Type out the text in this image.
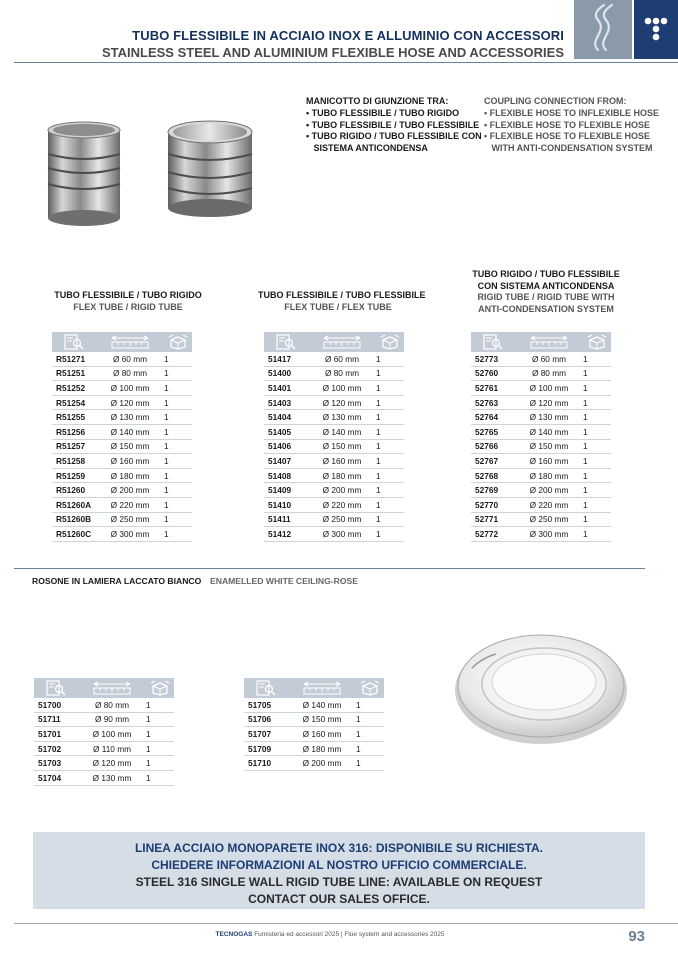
TUBO FLESSIBILE IN ACCIAIO INOX E ALLUMINIO CON ACCESSORI
STAINLESS STEEL AND ALUMINIUM FLEXIBLE HOSE AND ACCESSORIES
MANICOTTO DI GIUNZIONE TRA:
• TUBO FLESSIBILE / TUBO RIGIDO
• TUBO FLESSIBILE / TUBO FLESSIBILE
• TUBO RIGIDO / TUBO FLESSIBILE CON
SISTEMA ANTICONDENSA
COUPLING CONNECTION FROM:
• FLEXIBLE HOSE TO INFLEXIBLE HOSE
• FLEXIBLE HOSE TO FLEXIBLE HOSE
• FLEXIBLE HOSE TO FLEXIBLE HOSE
WITH ANTI-CONDENSATION SYSTEM
TUBO FLESSIBILE / TUBO RIGIDO
FLEX TUBE / RIGID TUBE
TUBO FLESSIBILE / TUBO FLESSIBILE
FLEX TUBE / FLEX TUBE
TUBO RIGIDO / TUBO FLESSIBILE
CON SISTEMA ANTICONDENSA
RIGID TUBE / RIGID TUBE WITH
ANTI-CONDENSATION SYSTEM
R51271	Ø 60 mm	1
R51251	Ø 80 mm	1
R51252	Ø 100 mm	1
R51254	Ø 120 mm	1
R51255	Ø 130 mm	1
R51256	Ø 140 mm	1
R51257	Ø 150 mm	1
R51258	Ø 160 mm	1
R51259	Ø 180 mm	1
R51260	Ø 200 mm	1
R51260A	Ø 220 mm	1
R51260B	Ø 250 mm	1
R51260C	Ø 300 mm	1
51417	Ø 60 mm	1
51400	Ø 80 mm	1
51401	Ø 100 mm	1
51403	Ø 120 mm	1
51404	Ø 130 mm	1
51405	Ø 140 mm	1
51406	Ø 150 mm	1
51407	Ø 160 mm	1
51408	Ø 180 mm	1
51409	Ø 200 mm	1
51410	Ø 220 mm	1
51411	Ø 250 mm	1
51412	Ø 300 mm	1
52773	Ø 60 mm	1
52760	Ø 80 mm	1
52761	Ø 100 mm	1
52763	Ø 120 mm	1
52764	Ø 130 mm	1
52765	Ø 140 mm	1
52766	Ø 150 mm	1
52767	Ø 160 mm	1
52768	Ø 180 mm	1
52769	Ø 200 mm	1
52770	Ø 220 mm	1
52771	Ø 250 mm	1
52772	Ø 300 mm	1
ROSONE IN LAMIERA LACCATO BIANCO ENAMELLED WHITE CEILING-ROSE
51700	Ø 80 mm	1
51711	Ø 90 mm	1
51701	Ø 100 mm	1
51702	Ø 110 mm	1
51703	Ø 120 mm	1
51704	Ø 130 mm	1
51705	Ø 140 mm	1
51706	Ø 150 mm	1
51707	Ø 160 mm	1
51709	Ø 180 mm	1
51710	Ø 200 mm	1
LINEA ACCIAIO MONOPARETE INOX 316: DISPONIBILE SU RICHIESTA.
CHIEDERE INFORMAZIONI AL NOSTRO UFFICIO COMMERCIALE.
STEEL 316 SINGLE WALL RIGID TUBE LINE: AVAILABLE ON REQUEST
CONTACT OUR SALES OFFICE.
TECNOGAS Fumisteria ed accessori 2025 | Flue system and accessories 2025	93
